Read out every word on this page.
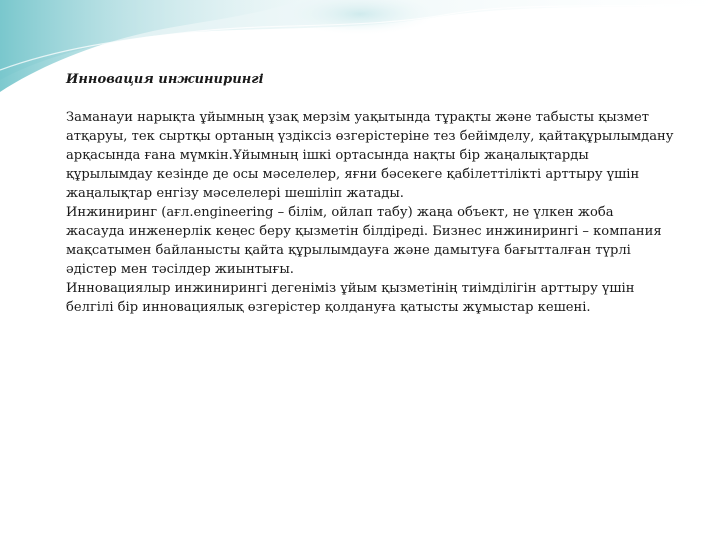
Инновация инжинирингі

Заманауи нарықта ұйымның ұзақ мерзім уақытында тұрақты және табысты қызмет атқаруы, тек сыртқы ортаның үздіксіз өзгерістеріне тез бейімделу, қайтақұрылымдану арқасында ғана мүмкін.Ұйымның ішкі ортасында нақты бір жаңалықтарды құрылымдау кезінде де осы мәселелер, яғни бәсекеге қабілеттілікті арттыру үшін жаңалықтар енгізу мәселелері шешіліп жатады.

Инжиниринг (ағл.engineering – білім, ойлап табу) жаңа объект, не үлкен жоба жасауда инженерлік кеңес беру қызметін білдіреді. Бизнес инжинирингі – компания мақсатымен байланысты қайта құрылымдауға және дамытуға бағытталған түрлі әдістер мен тәсілдер жиынтығы.

Инновациялыр инжинирингі дегеніміз ұйым қызметінің тиімділігін арттыру үшін белгілі бір инновациялық өзгерістер қолдануға қатысты жұмыстар кешені.
